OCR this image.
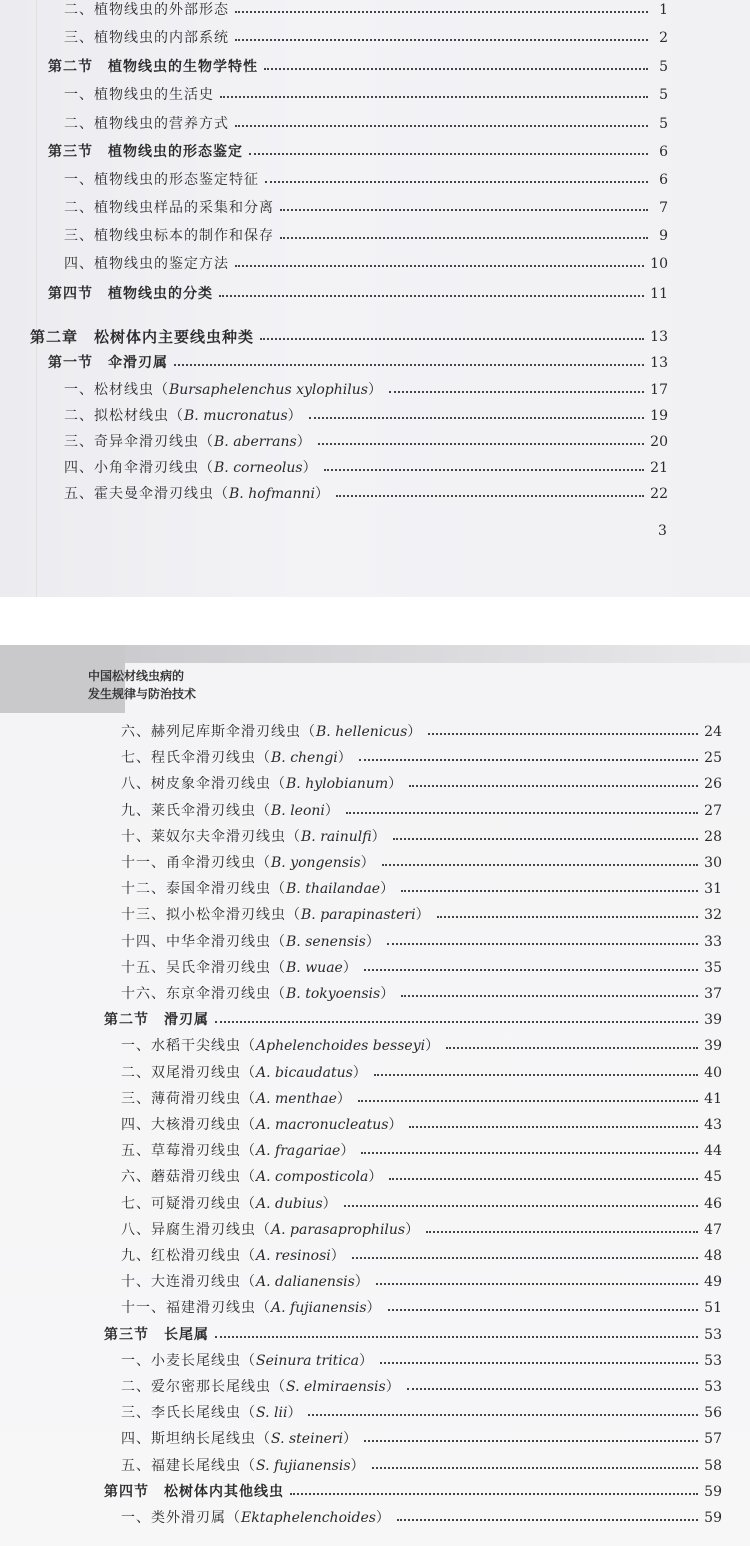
二、植物线虫的外部形态	1
三、植物线虫的内部系统	2
第二节　植物线虫的生物学特性	5
一、植物线虫的生活史	5
二、植物线虫的营养方式	5
第三节　植物线虫的形态鉴定	6
一、植物线虫的形态鉴定特征	6
二、植物线虫样品的采集和分离	7
三、植物线虫标本的制作和保存	9
四、植物线虫的鉴定方法	10
第四节　植物线虫的分类	11
第二章　松树体内主要线虫种类	13
第一节　伞滑刃属	13
一、松材线虫（Bursaphelenchus xylophilus）	17
二、拟松材线虫（B. mucronatus）	19
三、奇异伞滑刃线虫（B. aberrans）	20
四、小角伞滑刃线虫（B. corneolus）	21
五、霍夫曼伞滑刃线虫（B. hofmanni）	22
3
中国松材线虫病的
发生规律与防治技术
六、赫列尼库斯伞滑刃线虫（B. hellenicus）	24
七、程氏伞滑刃线虫（B. chengi）	25
八、树皮象伞滑刃线虫（B. hylobianum）	26
九、莱氏伞滑刃线虫（B. leoni）	27
十、莱奴尔夫伞滑刃线虫（B. rainulfi）	28
十一、甬伞滑刃线虫（B. yongensis）	30
十二、泰国伞滑刃线虫（B. thailandae）	31
十三、拟小松伞滑刃线虫（B. parapinasteri）	32
十四、中华伞滑刃线虫（B. senensis）	33
十五、吴氏伞滑刃线虫（B. wuae）	35
十六、东京伞滑刃线虫（B. tokyoensis）	37
第二节　滑刃属	39
一、水稻干尖线虫（Aphelenchoides besseyi）	39
二、双尾滑刃线虫（A. bicaudatus）	40
三、薄荷滑刃线虫（A. menthae）	41
四、大核滑刃线虫（A. macronucleatus）	43
五、草莓滑刃线虫（A. fragariae）	44
六、蘑菇滑刃线虫（A. composticola）	45
七、可疑滑刃线虫（A. dubius）	46
八、异腐生滑刃线虫（A. parasaprophilus）	47
九、红松滑刃线虫（A. resinosi）	48
十、大连滑刃线虫（A. dalianensis）	49
十一、福建滑刃线虫（A. fujianensis）	51
第三节　长尾属	53
一、小麦长尾线虫（Seinura tritica）	53
二、爱尔密那长尾线虫（S. elmiraensis）	53
三、李氏长尾线虫（S. lii）	56
四、斯坦纳长尾线虫（S. steineri）	57
五、福建长尾线虫（S. fujianensis）	58
第四节　松树体内其他线虫	59
一、类外滑刃属（Ektaphelenchoides）	59
